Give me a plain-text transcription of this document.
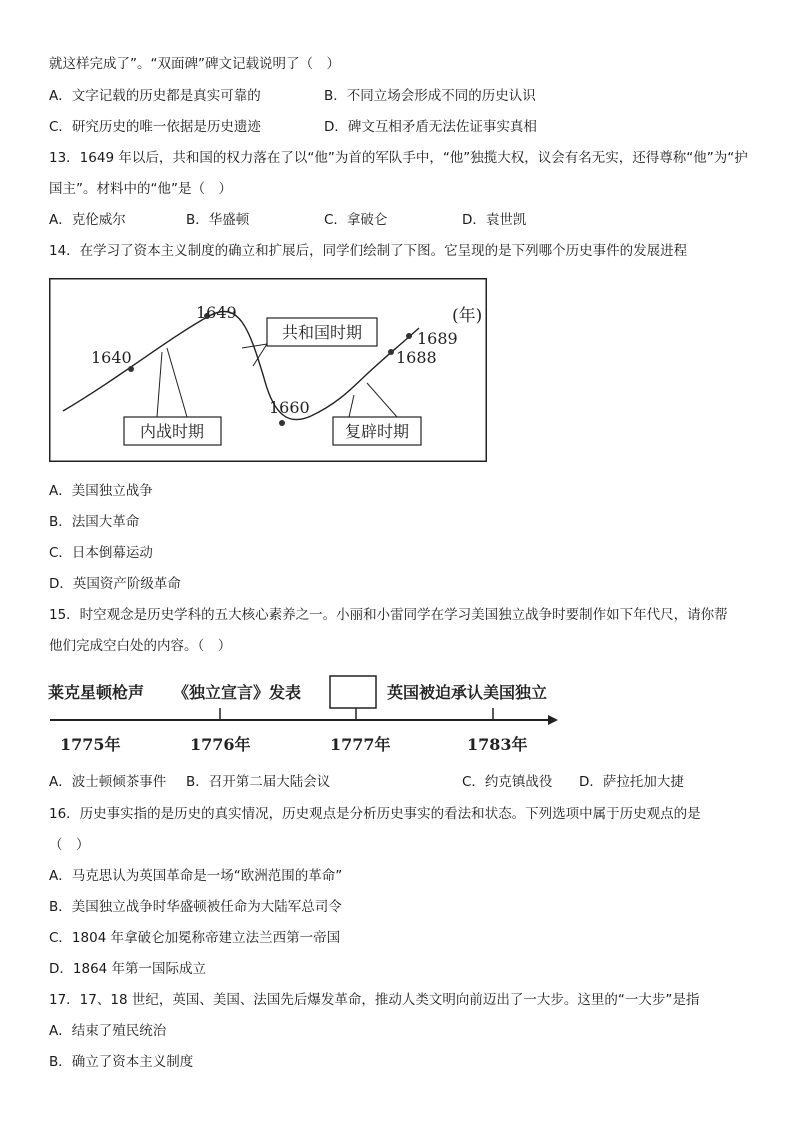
就这样完成了”。“双面碑”碑文记载说明了（　）
A．文字记载的历史都是真实可靠的	B．不同立场会形成不同的历史认识
C．研究历史的唯一依据是历史遗迹	D．碑文互相矛盾无法佐证事实真相
13．1649 年以后，共和国的权力落在了以“他”为首的军队手中，“他”独揽大权，议会有名无实，还得尊称“他”为“护
国主”。材料中的“他”是（　）
A．克伦威尔	B．华盛顿	C．拿破仑	D．袁世凯
14．在学习了资本主义制度的确立和扩展后，同学们绘制了下图。它呈现的是下列哪个历史事件的发展进程
1640
1649
1660
1688
1689
(年)
内战时期
共和国时期
复辟时期
A．美国独立战争
B．法国大革命
C．日本倒幕运动
D．英国资产阶级革命
15．时空观念是历史学科的五大核心素养之一。小丽和小雷同学在学习美国独立战争时要制作如下年代尺，请你帮
他们完成空白处的内容。（　）
莱克星顿枪声 《独立宣言》发表	英国被迫承认美国独立
1775年	1776年	1777年	1783年
A．波士顿倾茶事件 B．召开第二届大陆会议	C．约克镇战役 D．萨拉托加大捷
16．历史事实指的是历史的真实情况，历史观点是分析历史事实的看法和状态。下列选项中属于历史观点的是
（　）
A．马克思认为英国革命是一场“欧洲范围的革命”
B．美国独立战争时华盛顿被任命为大陆军总司令
C．1804 年拿破仑加冕称帝建立法兰西第一帝国
D．1864 年第一国际成立
17．17、18 世纪，英国、美国、法国先后爆发革命，推动人类文明向前迈出了一大步。这里的“一大步”是指
A．结束了殖民统治
B．确立了资本主义制度
